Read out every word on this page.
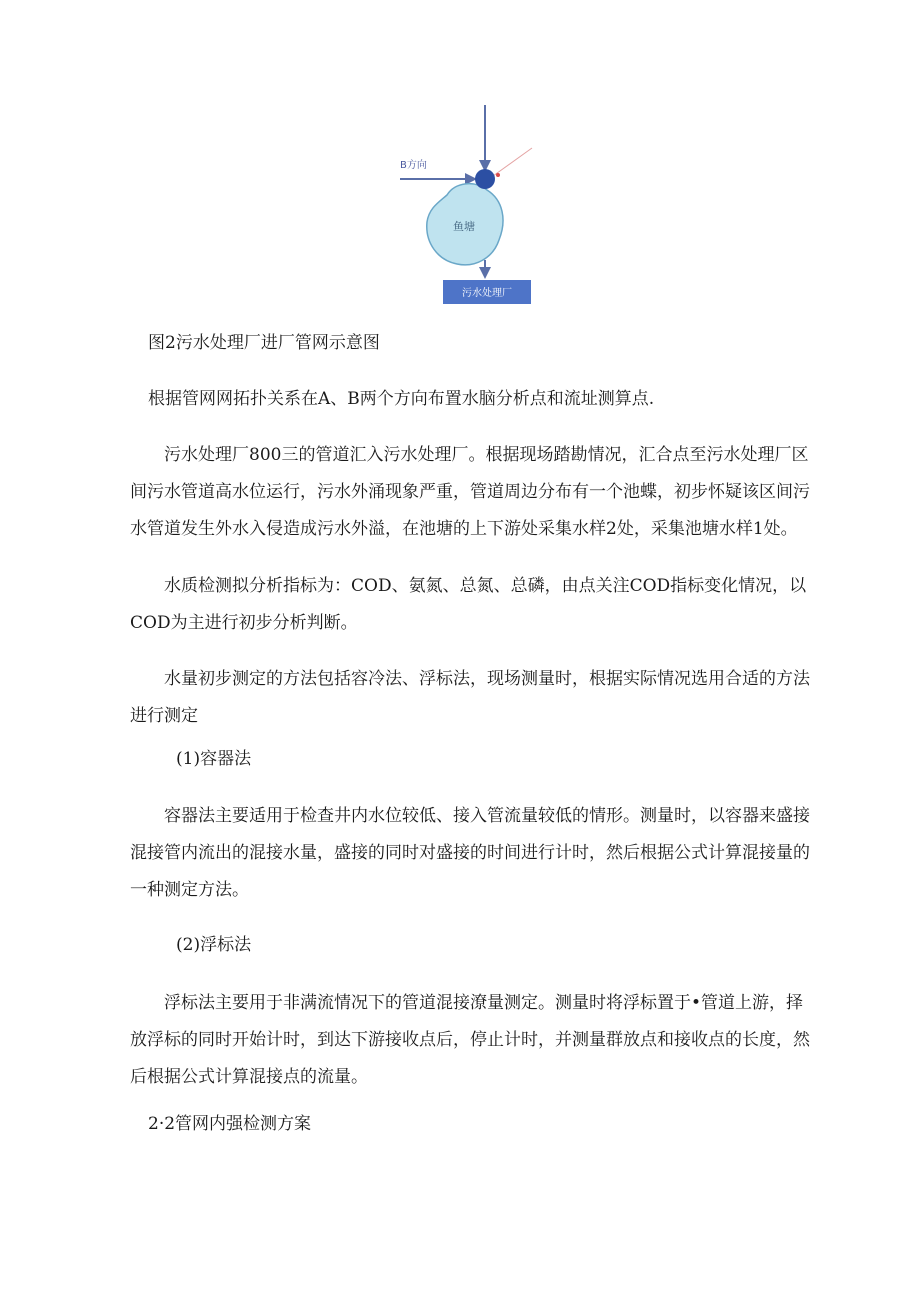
B方向
鱼塘
污水处理厂
图2污水处理厂进厂管网示意图
根据管网网拓扑关系在A、B两个方向布置水脑分析点和流址测算点.

污水处理厂800三的管道汇入污水处理厂。根据现场踏勘情况，汇合点至污水处理厂区间污水管道高水位运行，污水外涌现象严重，管道周边分布有一个池蝶，初步怀疑该区间污水管道发生外水入侵造成污水外溢，在池塘的上下游处采集水样2处，采集池塘水样1处。

水质检测拟分析指标为：COD、氨氮、总氮、总磷，由点关注COD指标变化情况，以COD为主进行初步分析判断。

水量初步测定的方法包括容冷法、浮标法，现场测量时，根据实际情况选用合适的方法进行测定

(1)容器法

容器法主要适用于检查井内水位较低、接入管流量较低的情形。测量时，以容器来盛接混接管内流出的混接水量，盛接的同时对盛接的时间进行计时，然后根据公式计算混接量的一种测定方法。

(2)浮标法

浮标法主要用于非满流情况下的管道混接潦量测定。测量时将浮标置于•管道上游，择放浮标的同时开始计时，到达下游接收点后，停止计时，并测量群放点和接收点的长度，然后根据公式计算混接点的流量。

2·2管网内强检测方案
